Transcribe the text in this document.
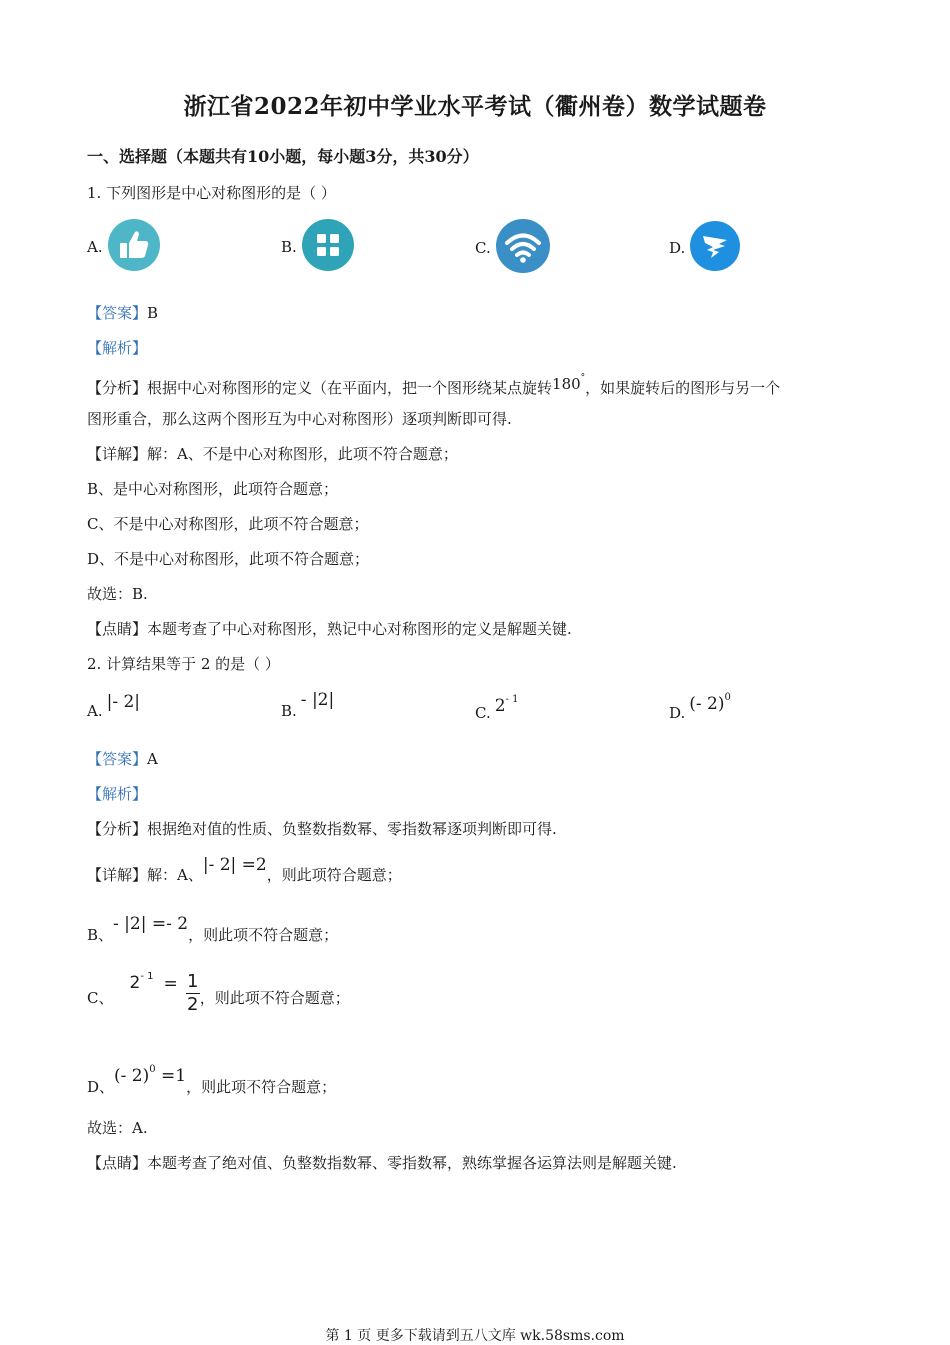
浙江省2022年初中学业水平考试（衢州卷）数学试题卷
一、选择题（本题共有10小题，每小题3分，共30分）
1. 下列图形是中心对称图形的是（ ）
A.	B.	C.	D.
【答案】B
【解析】
【分析】根据中心对称图形的定义（在平面内，把一个图形绕某点旋转180°，如果旋转后的图形与另一个
图形重合，那么这两个图形互为中心对称图形）逐项判断即可得.
【详解】解：A、不是中心对称图形，此项不符合题意；
B、是中心对称图形，此项符合题意；
C、不是中心对称图形，此项不符合题意；
D、不是中心对称图形，此项不符合题意；
故选：B.
【点睛】本题考查了中心对称图形，熟记中心对称图形的定义是解题关键.
2. 计算结果等于 2 的是（ ）
A. |- 2|	B.
- |2|
C. $2^{- 1}$
D. (- 2)$^0$
【答案】A
【解析】
【分析】根据绝对值的性质、负整数指数幂、零指数幂逐项判断即可得.
【详解】解：A、|- 2| =2，则此项符合题意；
B、- |2| =- 2，则此项不符合题意；
C、
$2^{- 1} = \frac{1}{2}$ ，则此项不符合题意；
D、(- 2)$^0$ =1，则此项不符合题意；
故选：A.
【点睛】本题考查了绝对值、负整数指数幂、零指数幂，熟练掌握各运算法则是解题关键.
第 1 页 更多下载请到五八文库 wk.58sms.com
